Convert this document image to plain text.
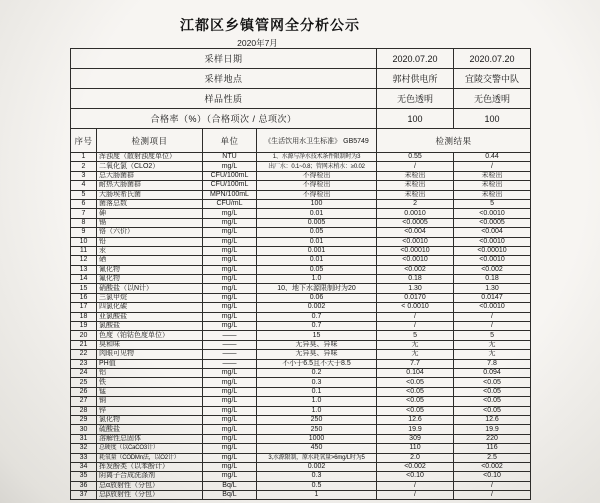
江都区乡镇管网全分析公示
2020年7月
采样日期				2020.07.20	2020.07.20
采样地点				郭村供电所	宜陵交警中队
样品性质				无色透明	无色透明
合格率（%）（合格项次 / 总项次）				100	100
序号	检测项目	单位	《生活饮用水卫生标准》 GB5749	检测结果	
1	浑浊度（散射浊度单位）	NTU	1、水源与净水技术条件限制时为3	0.55	0.44
2	二氧化氯（CLO2）	mg/L	出厂水：0.1~0.8；管网末梢水：≥0.02	/	/
3	总大肠菌群	CFU/100mL	不得检出	未检出	未检出
4	耐热大肠菌群	CFU/100mL	不得检出	未检出	未检出
5	大肠埃希氏菌	MPN/100mL	不得检出	未检出	未检出
6	菌落总数	CFU/mL	100	2	5
7	砷	mg/L	0.01	0.0010	<0.0010
8	镉	mg/L	0.005	<0.0005	<0.0005
9	铬（六价）	mg/L	0.05	<0.004	<0.004
10	铅	mg/L	0.01	<0.0010	<0.0010
11	汞	mg/L	0.001	<0.00010	<0.00010
12	硒	mg/L	0.01	<0.0010	<0.0010
13	氰化物	mg/L	0.05	<0.002	<0.002
14	氟化物	mg/L	1.0	0.18	0.18
15	硝酸盐（以N计）	mg/L	10、地下水源限制时为20	1.30	1.30
16	三氯甲烷	mg/L	0.06	0.0170	0.0147
17	四氯化碳	mg/L	0.002	< 0.0010	<0.0010
18	亚氯酸盐	mg/L	0.7	/	/
19	氯酸盐	mg/L	0.7	/	/
20	色度（铂钴色度单位）	——	15	5	5
21	臭和味	——	无异臭、异味	无	无
22	肉眼可见物	——	无异臭、异味	无	无
23	PH值	——	不小于6.5且不大于8.5	7.7	7.8
24	铝	mg/L	0.2	0.104	0.094
25	铁	mg/L	0.3	<0.05	<0.05
26	锰	mg/L	0.1	<0.05	<0.05
27	铜	mg/L	1.0	<0.05	<0.05
28	锌	mg/L	1.0	<0.05	<0.05
29	氯化物	mg/L	250	12.6	12.6
30	硫酸盐	mg/L	250	19.9	19.9
31	溶解性总固体	mg/L	1000	309	220
32	总硬度（以CaCO3计）	mg/L	450	110	116
33	耗氧量（CODMn法，以O2计）	mg/L	3,水源限制，原水耗氧量>6mg/L时为5	2.0	2.5
34	挥发酚类（以苯酚计）	mg/L	0.002	<0.002	<0.002
35	阴离子合成洗涤剂	mg/L	0.3	<0.10	<0.10
36	总α放射性（分包）	Bq/L	0.5	/	/
37	总β放射性（分包）	Bq/L	1	/	/
